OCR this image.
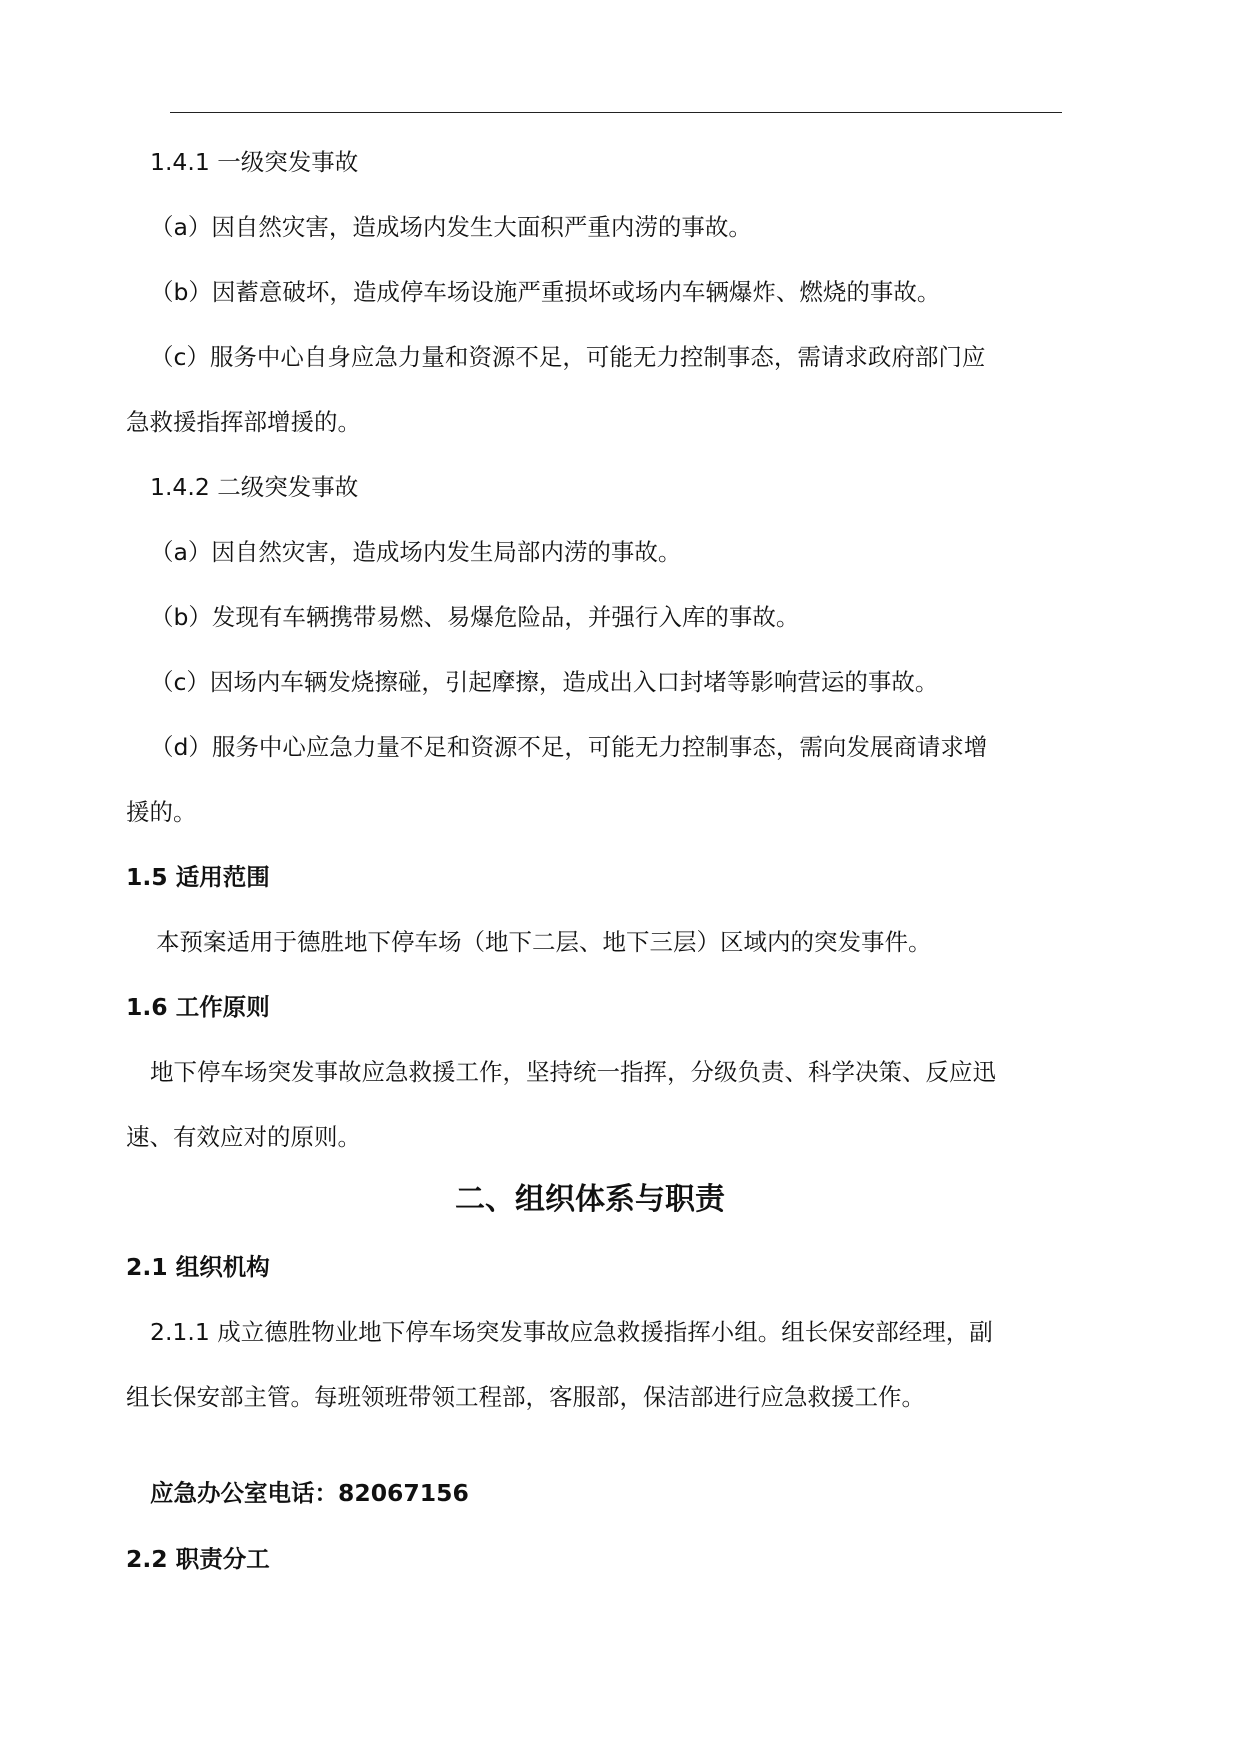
1.4.1 一级突发事故
（a）因自然灾害，造成场内发生大面积严重内涝的事故。
（b）因蓄意破坏，造成停车场设施严重损坏或场内车辆爆炸、燃烧的事故。
（c）服务中心自身应急力量和资源不足，可能无力控制事态，需请求政府部门应
急救援指挥部增援的。
1.4.2 二级突发事故
（a）因自然灾害，造成场内发生局部内涝的事故。
（b）发现有车辆携带易燃、易爆危险品，并强行入库的事故。
（c）因场内车辆发烧擦碰，引起摩擦，造成出入口封堵等影响营运的事故。
（d）服务中心应急力量不足和资源不足，可能无力控制事态，需向发展商请求增
援的。
1.5 适用范围
本预案适用于德胜地下停车场（地下二层、地下三层）区域内的突发事件。
1.6 工作原则
地下停车场突发事故应急救援工作，坚持统一指挥，分级负责、科学决策、反应迅
速、有效应对的原则。
二、组织体系与职责
2.1 组织机构
2.1.1 成立德胜物业地下停车场突发事故应急救援指挥小组。组长保安部经理，副
组长保安部主管。每班领班带领工程部，客服部，保洁部进行应急救援工作。
应急办公室电话：82067156
2.2 职责分工
